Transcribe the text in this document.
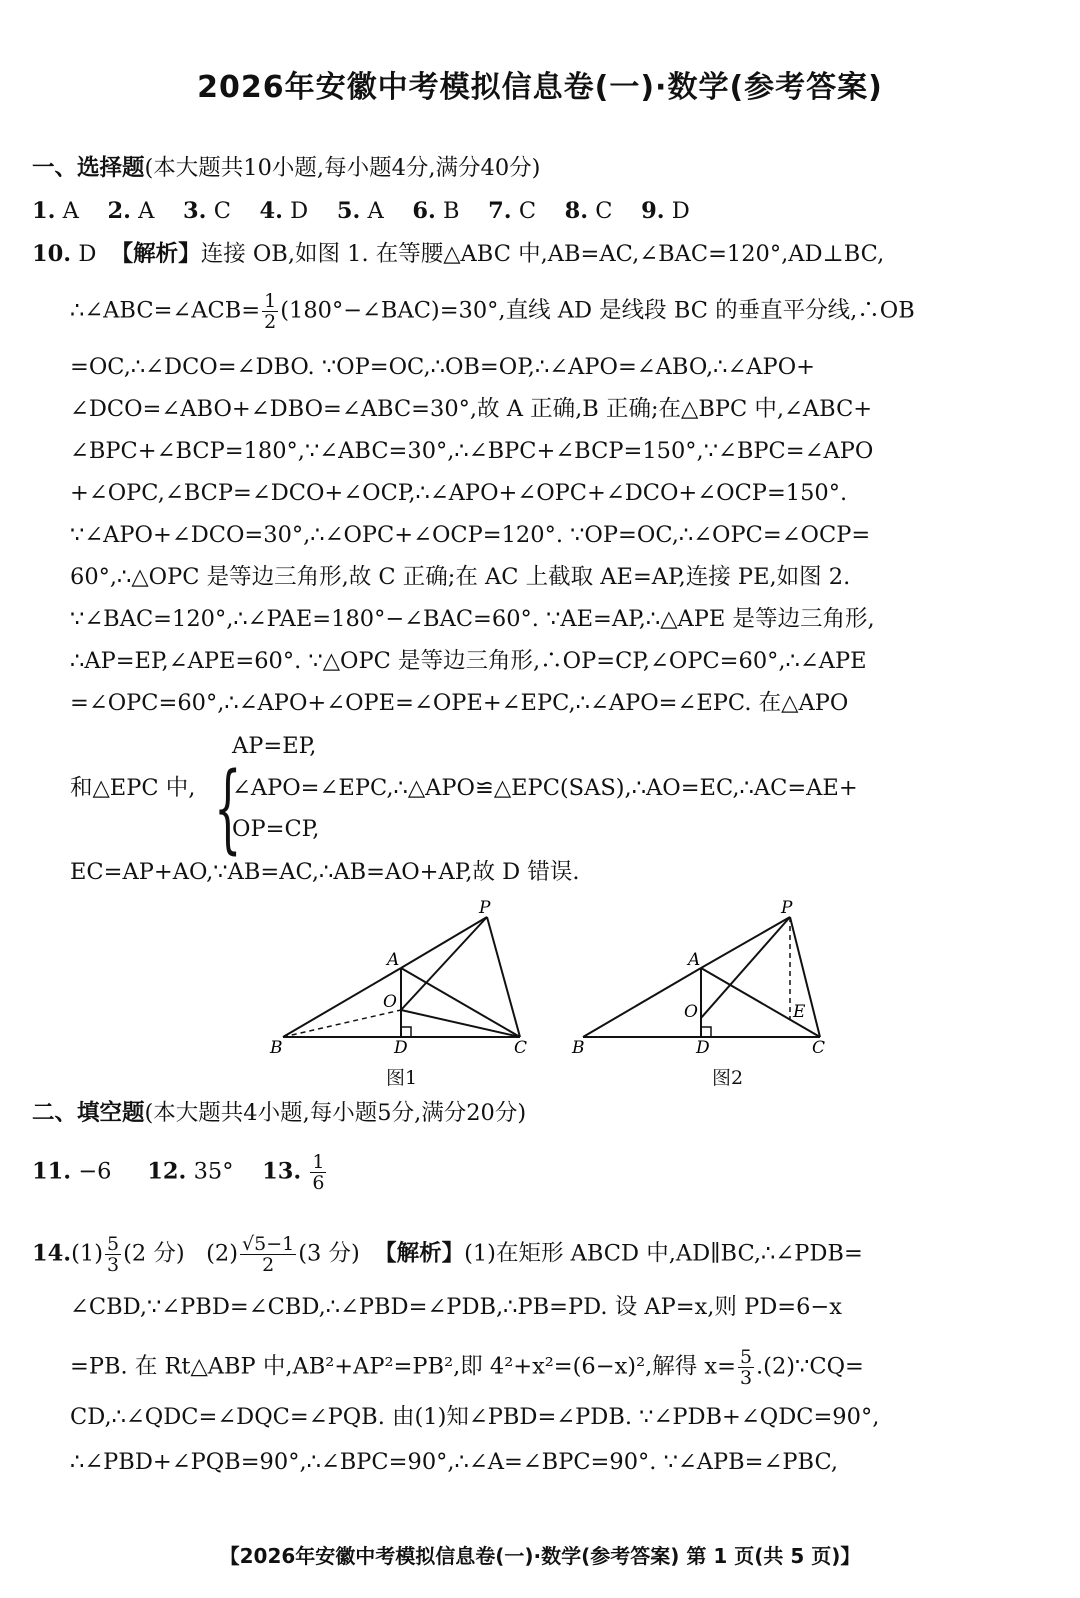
2026年安徽中考模拟信息卷(一)·数学(参考答案)
一、选择题(本大题共10小题,每小题4分,满分40分)
1. A 2. A 3. C 4. D 5. A 6. B 7. C 8. C 9. D
10. D 【解析】连接 OB,如图 1. 在等腰△ABC 中,AB=AC,∠BAC=120°,AD⊥BC,
∴∠ABC=∠ACB= $\frac{1}{2}$ (180°−∠BAC)=30°,直线 AD 是线段 BC 的垂直平分线,∴OB
=OC,∴∠DCO=∠DBO. ∵OP=OC,∴OB=OP,∴∠APO=∠ABO,∴∠APO+
∠DCO=∠ABO+∠DBO=∠ABC=30°,故 A 正确,B 正确;在△BPC 中,∠ABC+
∠BPC+∠BCP=180°,∵∠ABC=30°,∴∠BPC+∠BCP=150°,∵∠BPC=∠APO
+∠OPC,∠BCP=∠DCO+∠OCP,∴∠APO+∠OPC+∠DCO+∠OCP=150°.
∵∠APO+∠DCO=30°,∴∠OPC+∠OCP=120°. ∵OP=OC,∴∠OPC=∠OCP=
60°,∴△OPC 是等边三角形,故 C 正确;在 AC 上截取 AE=AP,连接 PE,如图 2.
∵∠BAC=120°,∴∠PAE=180°−∠BAC=60°. ∵AE=AP,∴△APE 是等边三角形,
∴AP=EP,∠APE=60°. ∵△OPC 是等边三角形,∴OP=CP,∠OPC=60°,∴∠APE
=∠OPC=60°,∴∠APO+∠OPE=∠OPE+∠EPC,∴∠APO=∠EPC. 在△APO
AP=EP,
和△EPC 中, {
∠APO=∠EPC,∴△APO≌△EPC(SAS),∴AO=EC,∴AC=AE+
OP=CP,
EC=AP+AO,∵AB=AC,∴AB=AO+AP,故 D 错误.
P
A
O
B	D	C
P
A
O	E
B	D	C
图1	图2
二、填空题(本大题共4小题,每小题5分,满分20分)
11. −6 12. 35° 13. $\frac{1}{6}$
$14.(1) \frac{5}{3} (2$ 分) $(2) \frac{√5-1}{2} (3$ 分) 【解析】(1)在矩形 ABCD 中,AD∥BC,∴∠PDB=
∠CBD,∵∠PBD=∠CBD,∴∠PBD=∠PDB,∴PB=PD. 设 AP=x,则 PD=6−x
=PB. 在 Rt△ABP 中,AB²+AP²=PB²,即 4²+x²=(6−x)²,解得 $x= \frac{5}{3}$ .(2)∵CQ=
CD,∴∠QDC=∠DQC=∠PQB. 由(1)知∠PBD=∠PDB. ∵∠PDB+∠QDC=90°,
∴∠PBD+∠PQB=90°,∴∠BPC=90°,∴∠A=∠BPC=90°. ∵∠APB=∠PBC,
【2026年安徽中考模拟信息卷(一)·数学(参考答案) 第 1 页(共 5 页)】
